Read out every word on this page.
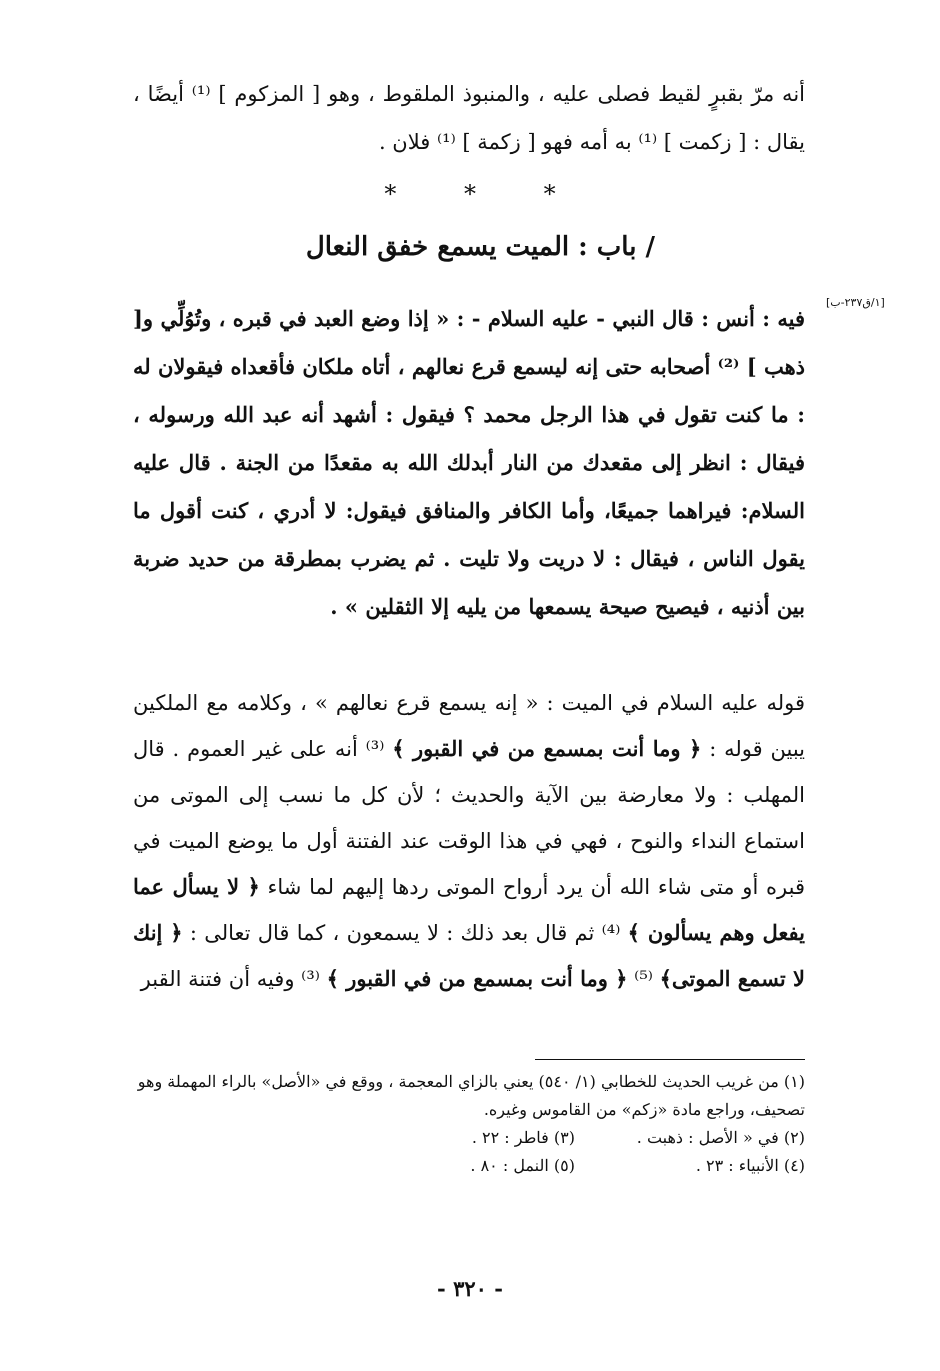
أنه مرّ بقبرٍ لقيط فصلى عليه ، والمنبوذ الملقوط ، وهو [ المزكوم ] ⁽¹⁾ أيضًا ، يقال : [ زكمت ] ⁽¹⁾ به أمه فهو [ زكمة ] ⁽¹⁾ فلان .
*	*	*
/ باب : الميت يسمع خفق النعال
[١/ق٢٣٧-ب]
فيه : أنس : قال النبي - عليه السلام - : « إذا وضع العبد في قبره ، وتُوُلِّي و[ ذهب ] ⁽²⁾ أصحابه حتى إنه ليسمع قرع نعالهم ، أتاه ملكان فأقعداه فيقولان له : ما كنت تقول في هذا الرجل محمد ؟ فيقول : أشهد أنه عبد الله ورسوله ، فيقال : انظر إلى مقعدك من النار أبدلك الله به مقعدًا من الجنة . قال عليه السلام: فيراهما جميعًا، وأما الكافر والمنافق فيقول: لا أدري ، كنت أقول ما يقول الناس ، فيقال : لا دريت ولا تليت . ثم يضرب بمطرقة من حديد ضربة بين أذنيه ، فيصيح صيحة يسمعها من يليه إلا الثقلين » .
قوله عليه السلام في الميت : « إنه يسمع قرع نعالهم » ، وكلامه مع الملكين يبين قوله : ﴿ وما أنت بمسمع من في القبور ﴾ ⁽³⁾ أنه على غير العموم . قال المهلب : ولا معارضة بين الآية والحديث ؛ لأن كل ما نسب إلى الموتى من استماع النداء والنوح ، فهي في هذا الوقت عند الفتنة أول ما يوضع الميت في قبره أو متى شاء الله أن يرد أرواح الموتى ردها إليهم لما شاء ﴿ لا يسأل عما يفعل وهم يسألون ﴾ ⁽⁴⁾ ثم قال بعد ذلك : لا يسمعون ، كما قال تعالى : ﴿ إنك لا تسمع الموتى﴾ ⁽⁵⁾ ﴿ وما أنت بمسمع من في القبور ﴾ ⁽³⁾ وفيه أن فتنة القبر
(١) من غريب الحديث للخطابي (١/ ٥٤٠) يعني بالزاي المعجمة ، ووقع في «الأصل» بالراء المهملة وهو تصحيف، وراجع مادة «زكم» من القاموس وغيره.
(٢) في « الأصل : ذهبت .
(٣) فاطر : ٢٢ .
(٤) الأنبياء : ٢٣ .
(٥) النمل : ٨٠ .
- ٣٢٠ -
